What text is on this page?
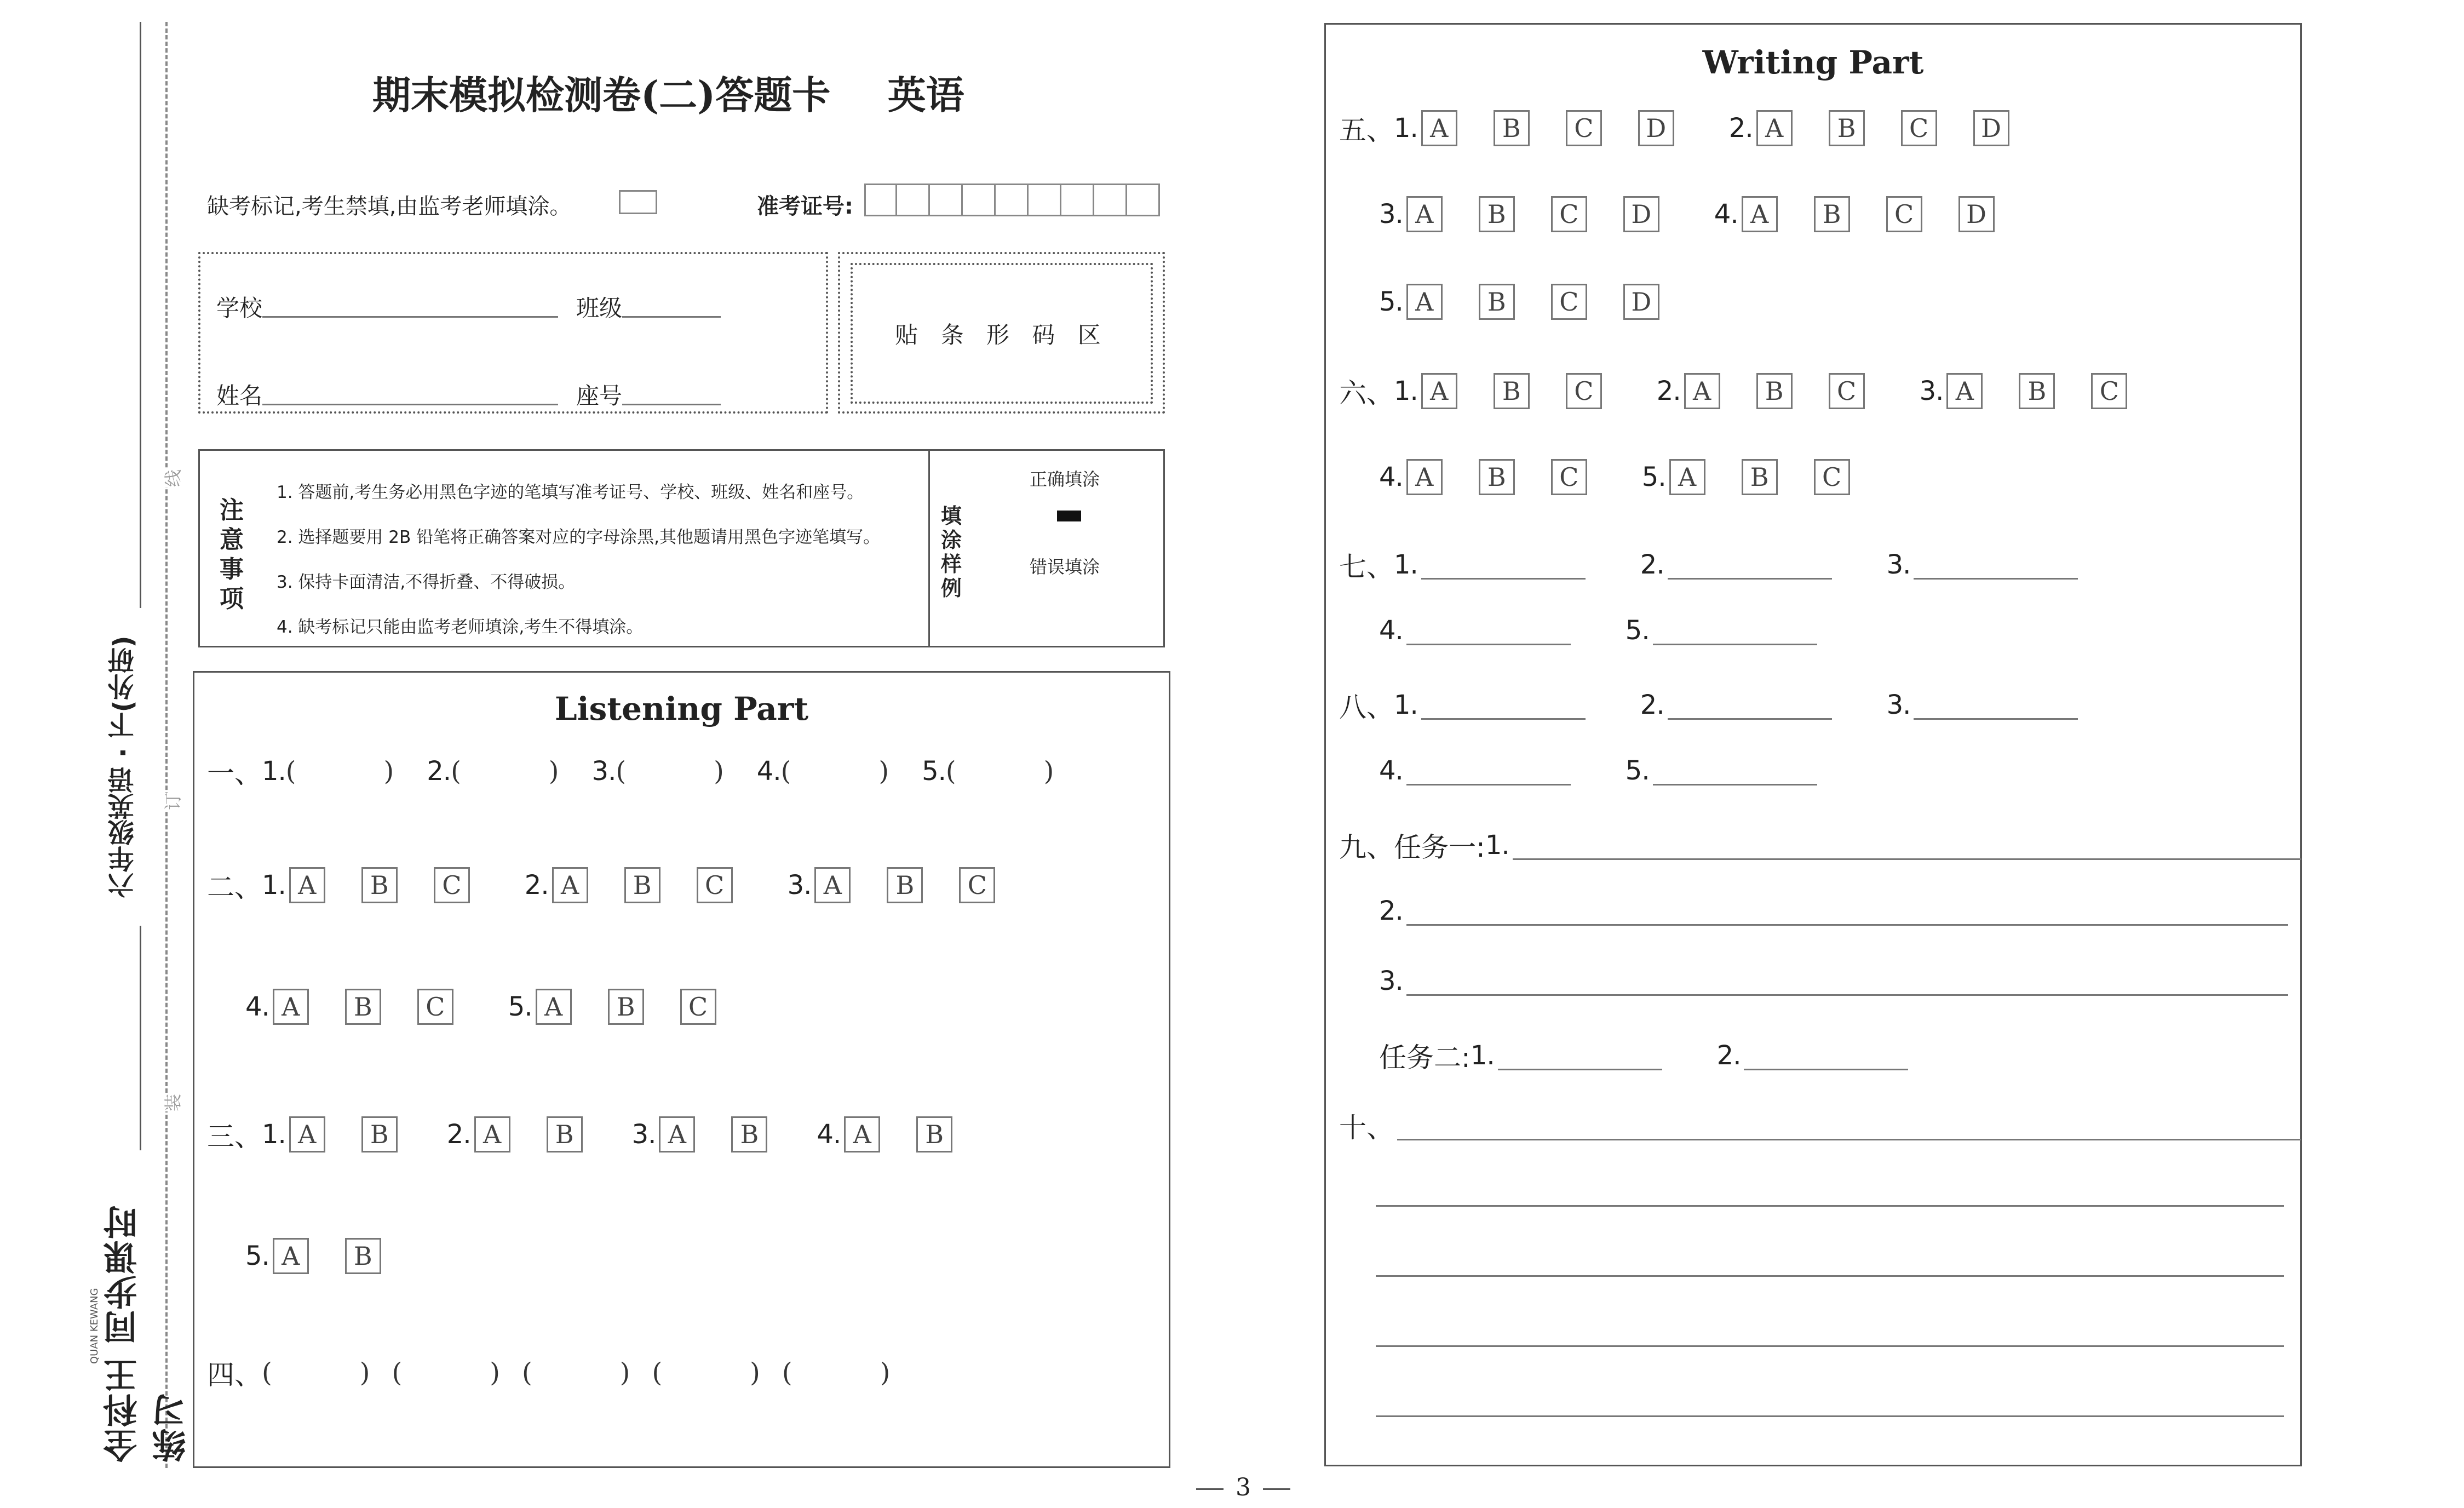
六年级英语 · 下(外研)
线
订
装
全科王 同步课时练习
QUAN KEWANG
期末模拟检测卷(二)答题卡 英语
缺考标记,考生禁填,由监考老师填涂。	准考证号:
学校	班级
姓名	座号
贴 条 形 码 区
注意事项
1. 答题前,考生务必用黑色字迹的笔填写准考证号、学校、班级、姓名和座号。
2. 选择题要用 2B 铅笔将正确答案对应的字母涂黑,其他题请用黑色字迹笔填写。
3. 保持卡面清洁,不得折叠、不得破损。
4. 缺考标记只能由监考老师填涂,考生不得填涂。
填涂样例
正确填涂
错误填涂
Listening Part
一、 1. (	) 2. (	) 3. (	) 4. (	) 5. (	)
二、 1. A	B	C	2. A	B	C	3. A	B	C
4. A	B	C	5. A	B	C
三、 1. A	B	2. A	B	3. A	B	4. A	B
5. A	B
四、 (	) (	) (	) (	) (	)
Writing Part
五、 1. A	B	C	D	2. A	B	C	D
3. A	B	C	D	4. A	B	C	D
5. A	B	C	D
六、 1. A	B	C	2. A	B	C	3. A	B	C
4. A	B	C	5. A	B	C
七、 1.	2.	3.
4.	5.
八、 1.	2.	3.
4.	5.
九、任务一: 1.
2.
3.
任务二: 1.	2.
十、
3
